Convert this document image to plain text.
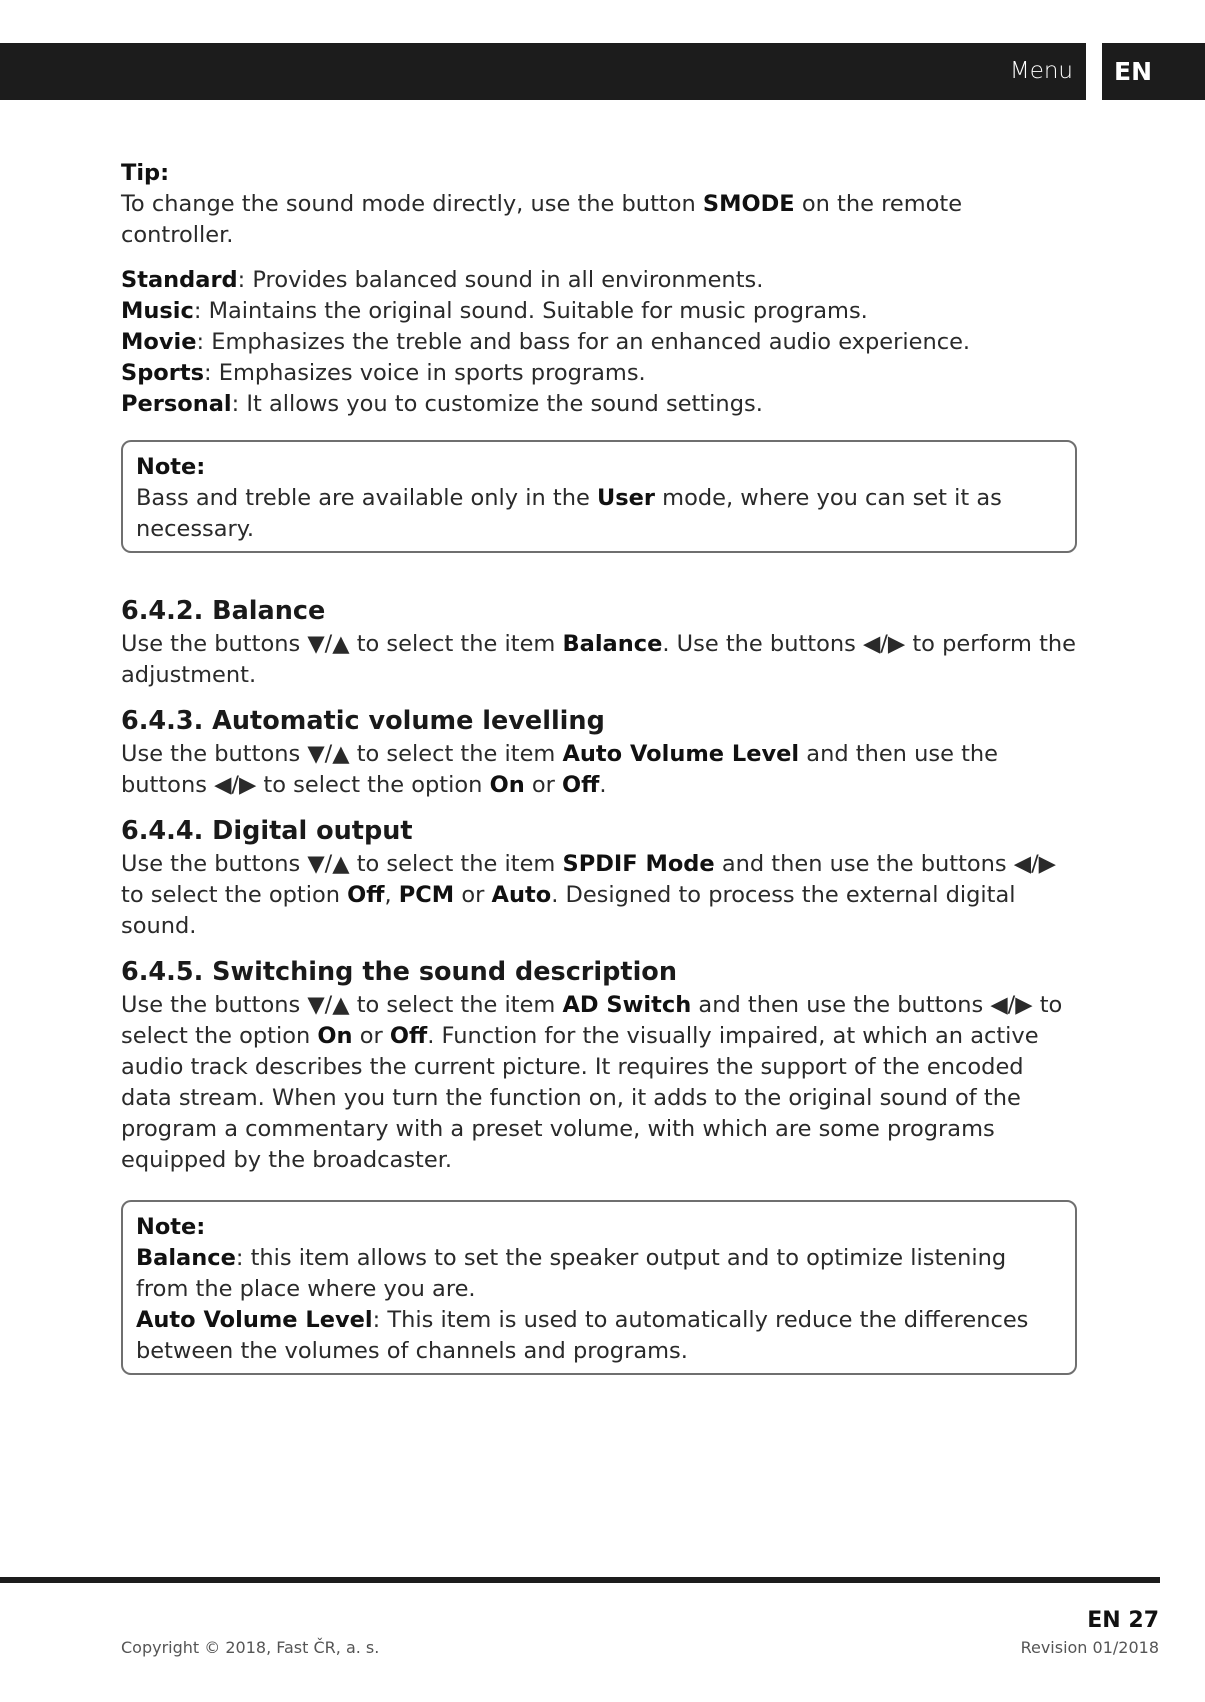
Menu	EN

Tip:

To change the sound mode directly, use the button SMODE on the remote controller.

Standard: Provides balanced sound in all environments.

Music: Maintains the original sound. Suitable for music programs.

Movie: Emphasizes the treble and bass for an enhanced audio experience.

Sports: Emphasizes voice in sports programs.

Personal: It allows you to customize the sound settings.

Note:

Bass and treble are available only in the User mode, where you can set it as necessary.

6.4.2. Balance

Use the buttons ▼/▲ to select the item Balance. Use the buttons ◀/▶ to perform the adjustment.

6.4.3. Automatic volume levelling

Use the buttons ▼/▲ to select the item Auto Volume Level and then use the buttons ◀/▶ to select the option On or Off.

6.4.4. Digital output

Use the buttons ▼/▲ to select the item SPDIF Mode and then use the buttons ◀/▶ to select the option Off, PCM or Auto. Designed to process the external digital sound.

6.4.5. Switching the sound description

Use the buttons ▼/▲ to select the item AD Switch and then use the buttons ◀/▶ to select the option On or Off. Function for the visually impaired, at which an active audio track describes the current picture. It requires the support of the encoded data stream. When you turn the function on, it adds to the original sound of the program a commentary with a preset volume, with which are some programs equipped by the broadcaster.

Note:

Balance: this item allows to set the speaker output and to optimize listening from the place where you are.

Auto Volume Level: This item is used to automatically reduce the differences between the volumes of channels and programs.

EN 27
Copyright © 2018, Fast ČR, a. s.	Revision 01/2018
